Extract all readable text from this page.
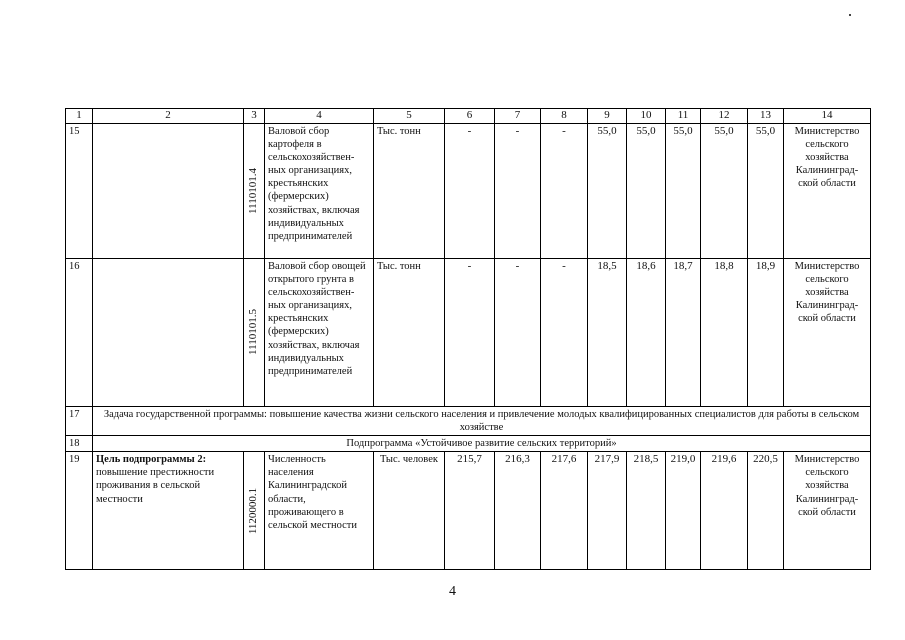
1	2	3	4	5	6	7	8	9	10	11	12	13	14
15		1110101.4	Валовой сбор картофеля в сельскохозяйствен-ных организациях, крестьянских (фермерских) хозяйствах, включая индивидуальных предпринимателей	Тыс. тонн	-	-	-	55,0	55,0	55,0	55,0	55,0	Министерство сельского хозяйства Калининград-ской области
16		1110101.5	Валовой сбор овощей открытого грунта в сельскохозяйствен-ных организациях, крестьянских (фермерских) хозяйствах, включая индивидуальных предпринимателей	Тыс. тонн	-	-	-	18,5	18,6	18,7	18,8	18,9	Министерство сельского хозяйства Калининград-ской области
17	Задача государственной программы: повышение качества жизни сельского населения и привлечение молодых квалифицированных специалистов для работы в сельском хозяйстве												
18	Подпрограмма «Устойчивое развитие сельских территорий»												
19	Цель подпрограммы 2: повышение престижности проживания в сельской местности	1120000.1	Численность населения Калининградской области, проживающего в сельской местности	Тыс. человек	215,7	216,3	217,6	217,9	218,5	219,0	219,6	220,5	Министерство сельского хозяйства Калининград-ской области
4
